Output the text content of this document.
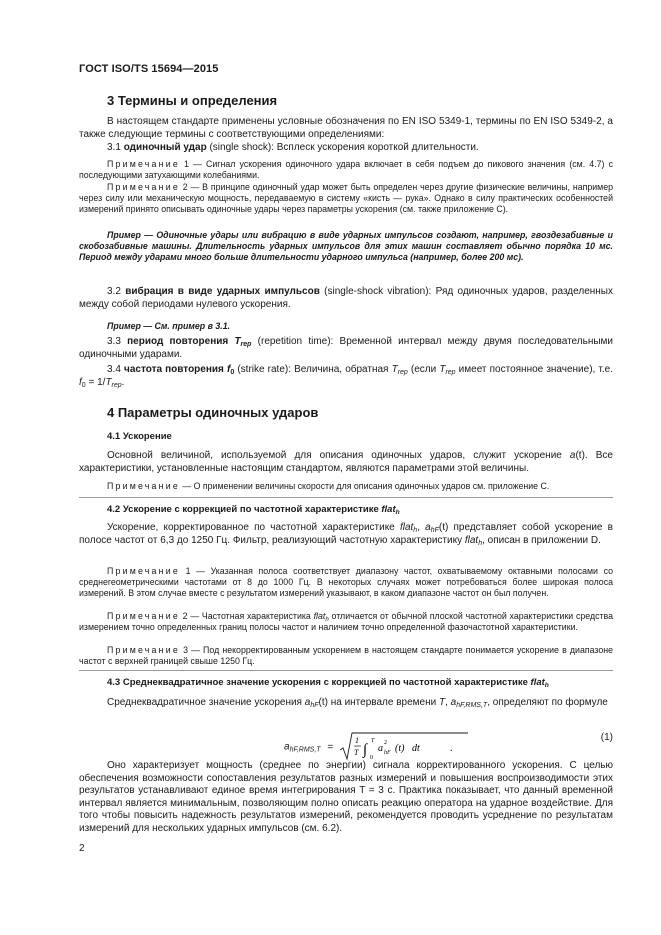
ГОСТ ISO/TS 15694—2015
3 Термины и определения
В настоящем стандарте применены условные обозначения по EN ISO 5349-1, термины по EN ISO 5349-2, а также следующие термины с соответствующими определениями:
3.1 одиночный удар (single shock): Всплеск ускорения короткой длительности.
Примечание 1 — Сигнал ускорения одиночного удара включает в себя подъем до пикового значения (см. 4.7) с последующими затухающими колебаниями.
Примечание 2 — В принципе одиночный удар может быть определен через другие физические величины, например через силу или механическую мощность, передаваемую в систему «кисть — рука». Однако в силу практических особенностей измерений принято описывать одиночные удары через параметры ускорения (см. также приложение С).
Пример — Одиночные удары или вибрацию в виде ударных импульсов создают, например, гвоздезабивные и скобозабивные машины. Длительность ударных импульсов для этих машин составляет обычно порядка 10 мс. Период между ударами много больше длительности ударного импульса (например, более 200 мс).
3.2 вибрация в виде ударных импульсов (single-shock vibration): Ряд одиночных ударов, разделенных между собой периодами нулевого ускорения.
Пример — См. пример в 3.1.
3.3 период повторения $T_{rep}$ (repetition time): Временной интервал между двумя последовательными одиночными ударами.
3.4 частота повторения $f_0$ (strike rate): Величина, обратная $T_{rep}$ (если $T_{rep}$ имеет постоянное значение), т.е. $f_0 = 1/T_{rep}$.
4 Параметры одиночных ударов
4.1 Ускорение
Основной величиной, используемой для описания одиночных ударов, служит ускорение a(t). Все характеристики, установленные настоящим стандартом, являются параметрами этой величины.
Примечание — О применении величины скорости для описания одиночных ударов см. приложение С.
4.2 Ускорение с коррекцией по частотной характеристике flat$_h$
Ускорение, корректированное по частотной характеристике flat$_h$, $a_{hF}(t)$ представляет собой ускорение в полосе частот от 6,3 до 1250 Гц. Фильтр, реализующий частотную характеристику flat$_h$, описан в приложении D.
Примечание 1 — Указанная полоса соответствует диапазону частот, охватываемому октавными полосами со среднегеометрическими частотами от 8 до 1000 Гц. В некоторых случаях может потребоваться более широкая полоса измерений. В этом случае вместе с результатом измерений указывают, в каком диапазоне частот он был получен.
Примечание 2 — Частотная характеристика flat$_h$ отличается от обычной плоской частотной характеристики средства измерением точно определенных границ полосы частот и наличием точно определенной фазочастотной характеристики.
Примечание 3 — Под некорректированным ускорением в настоящем стандарте понимается ускорение в диапазоне частот с верхней границей свыше 1250 Гц.
4.3 Среднеквадратичное значение ускорения с коррекцией по частотной характеристике flat$_h$
Среднеквадратичное значение ускорения $a_{hF}(t)$ на интервале времени T, $a_{hF,RMS,T}$, определяют по формуле
$a_{hF,RMS,T}$ =
1
T ∫
T
0
a 2
hF (t) dt	.
(1)
Оно характеризует мощность (среднее по энергии) сигнала корректированного ускорения. С целью обеспечения возможности сопоставления результатов разных измерений и повышения воспроизводимости этих результатов устанавливают единое время интегрирования T = 3 с. Практика показывает, что данный временной интервал является минимальным, позволяющим полно описать реакцию оператора на ударное воздействие. Для того чтобы повысить надежность результатов измерений, рекомендуется проводить усреднение по результатам измерений для нескольких ударных импульсов (см. 6.2).
2
